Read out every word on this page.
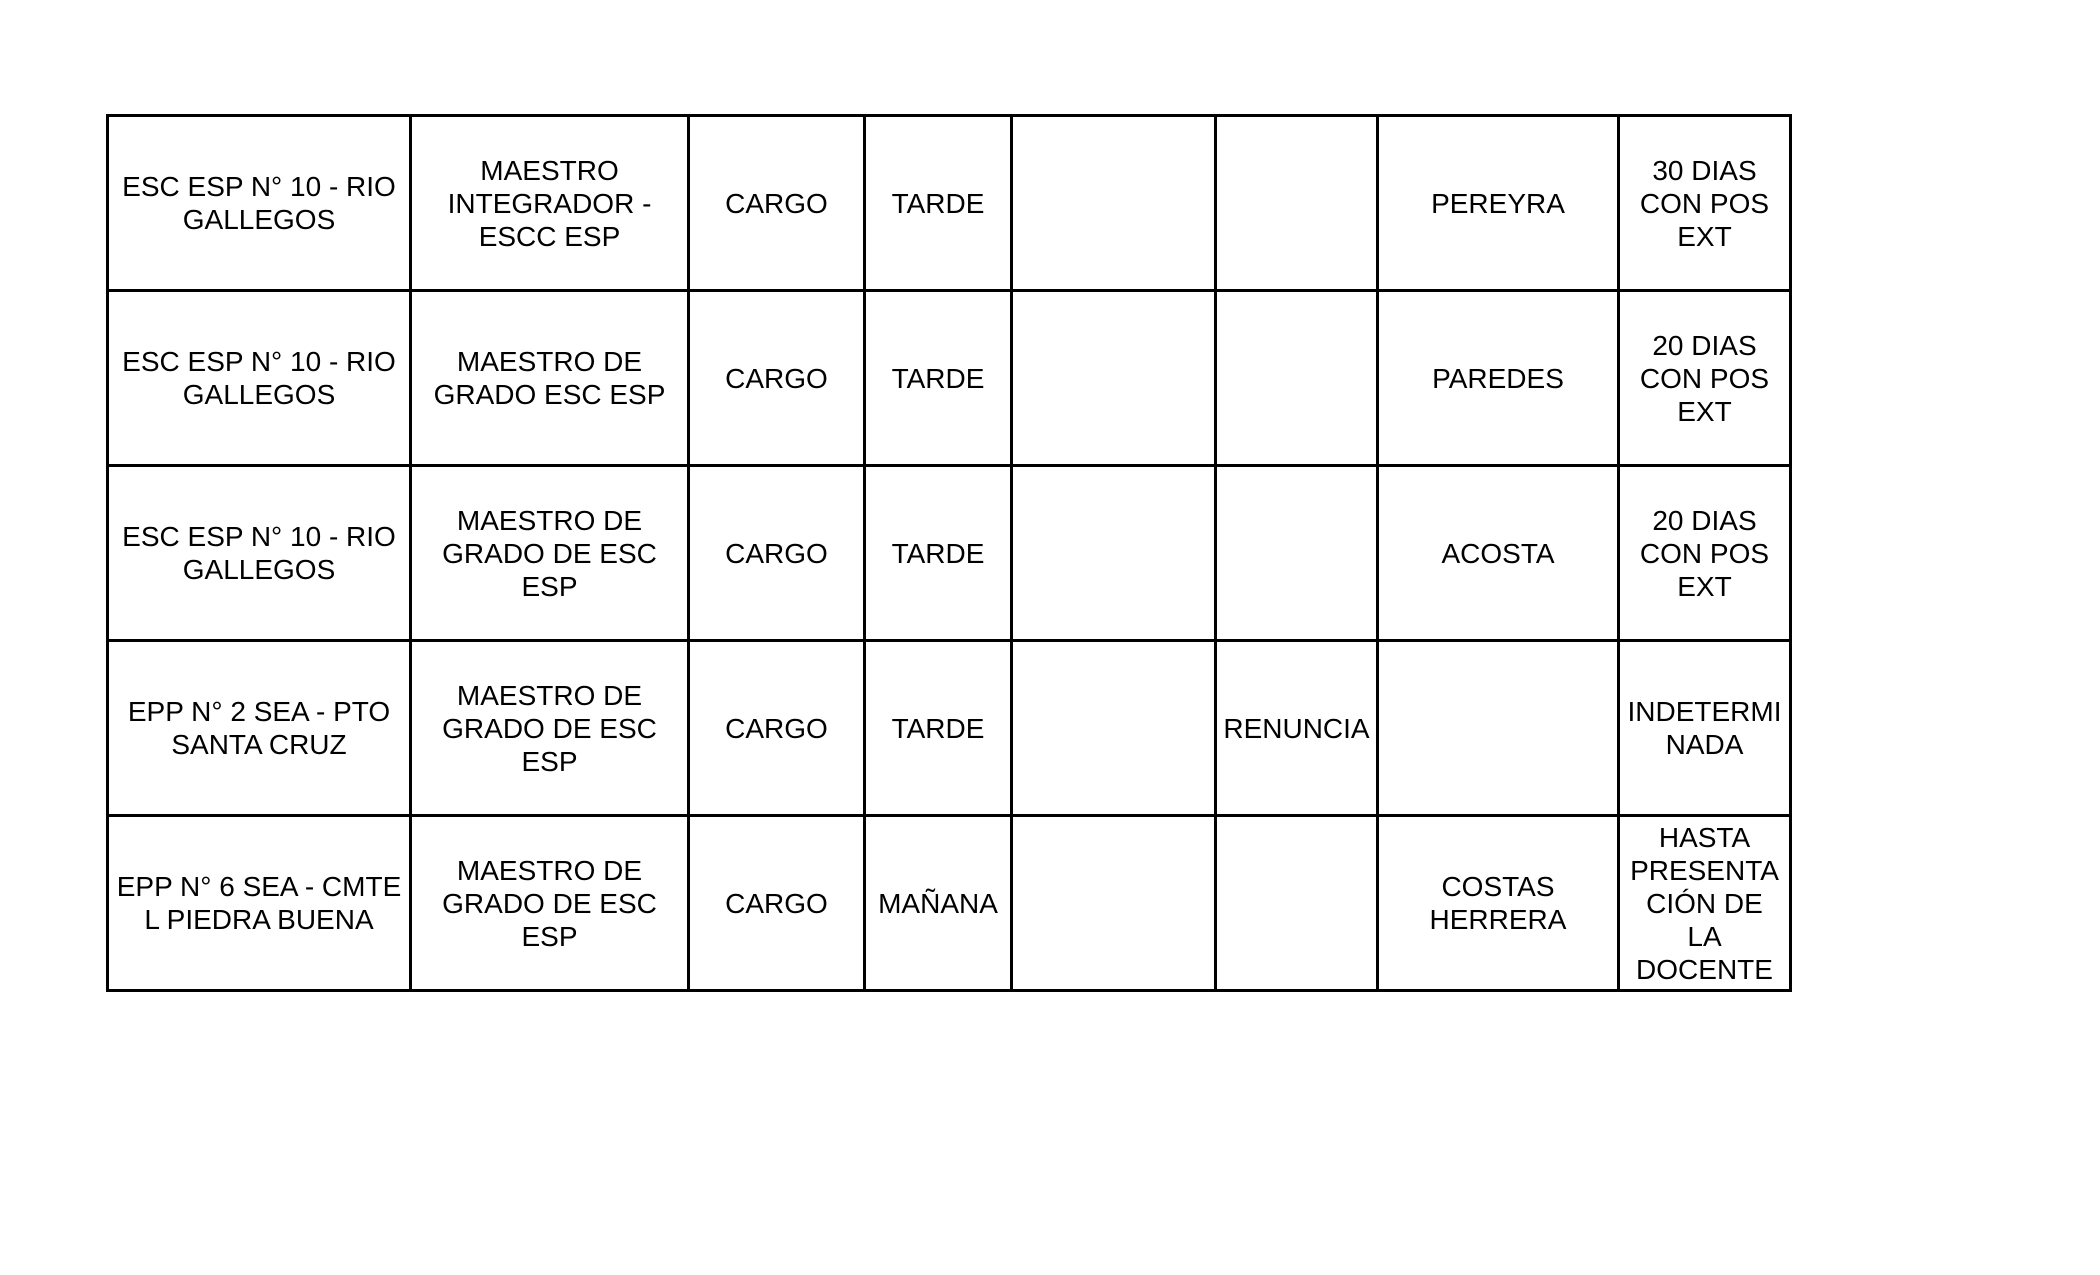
ESC ESP N° 10 - RIO
GALLEGOS	MAESTRO
INTEGRADOR -
ESCC ESP	CARGO	TARDE			PEREYRA	30 DIAS
CON POS
EXT
ESC ESP N° 10 - RIO
GALLEGOS	MAESTRO DE
GRADO ESC ESP	CARGO	TARDE			PAREDES	20 DIAS
CON POS
EXT
ESC ESP N° 10 - RIO
GALLEGOS	MAESTRO DE
GRADO DE ESC
ESP	CARGO	TARDE			ACOSTA	20 DIAS
CON POS
EXT
EPP N° 2 SEA - PTO
SANTA CRUZ	MAESTRO DE
GRADO DE ESC
ESP	CARGO	TARDE		RENUNCIA		INDETERMI
NADA
EPP N° 6 SEA - CMTE
L PIEDRA BUENA	MAESTRO DE
GRADO DE ESC
ESP	CARGO	MAÑANA			COSTAS
HERRERA	HASTA
PRESENTA
CIÓN DE LA
DOCENTE
